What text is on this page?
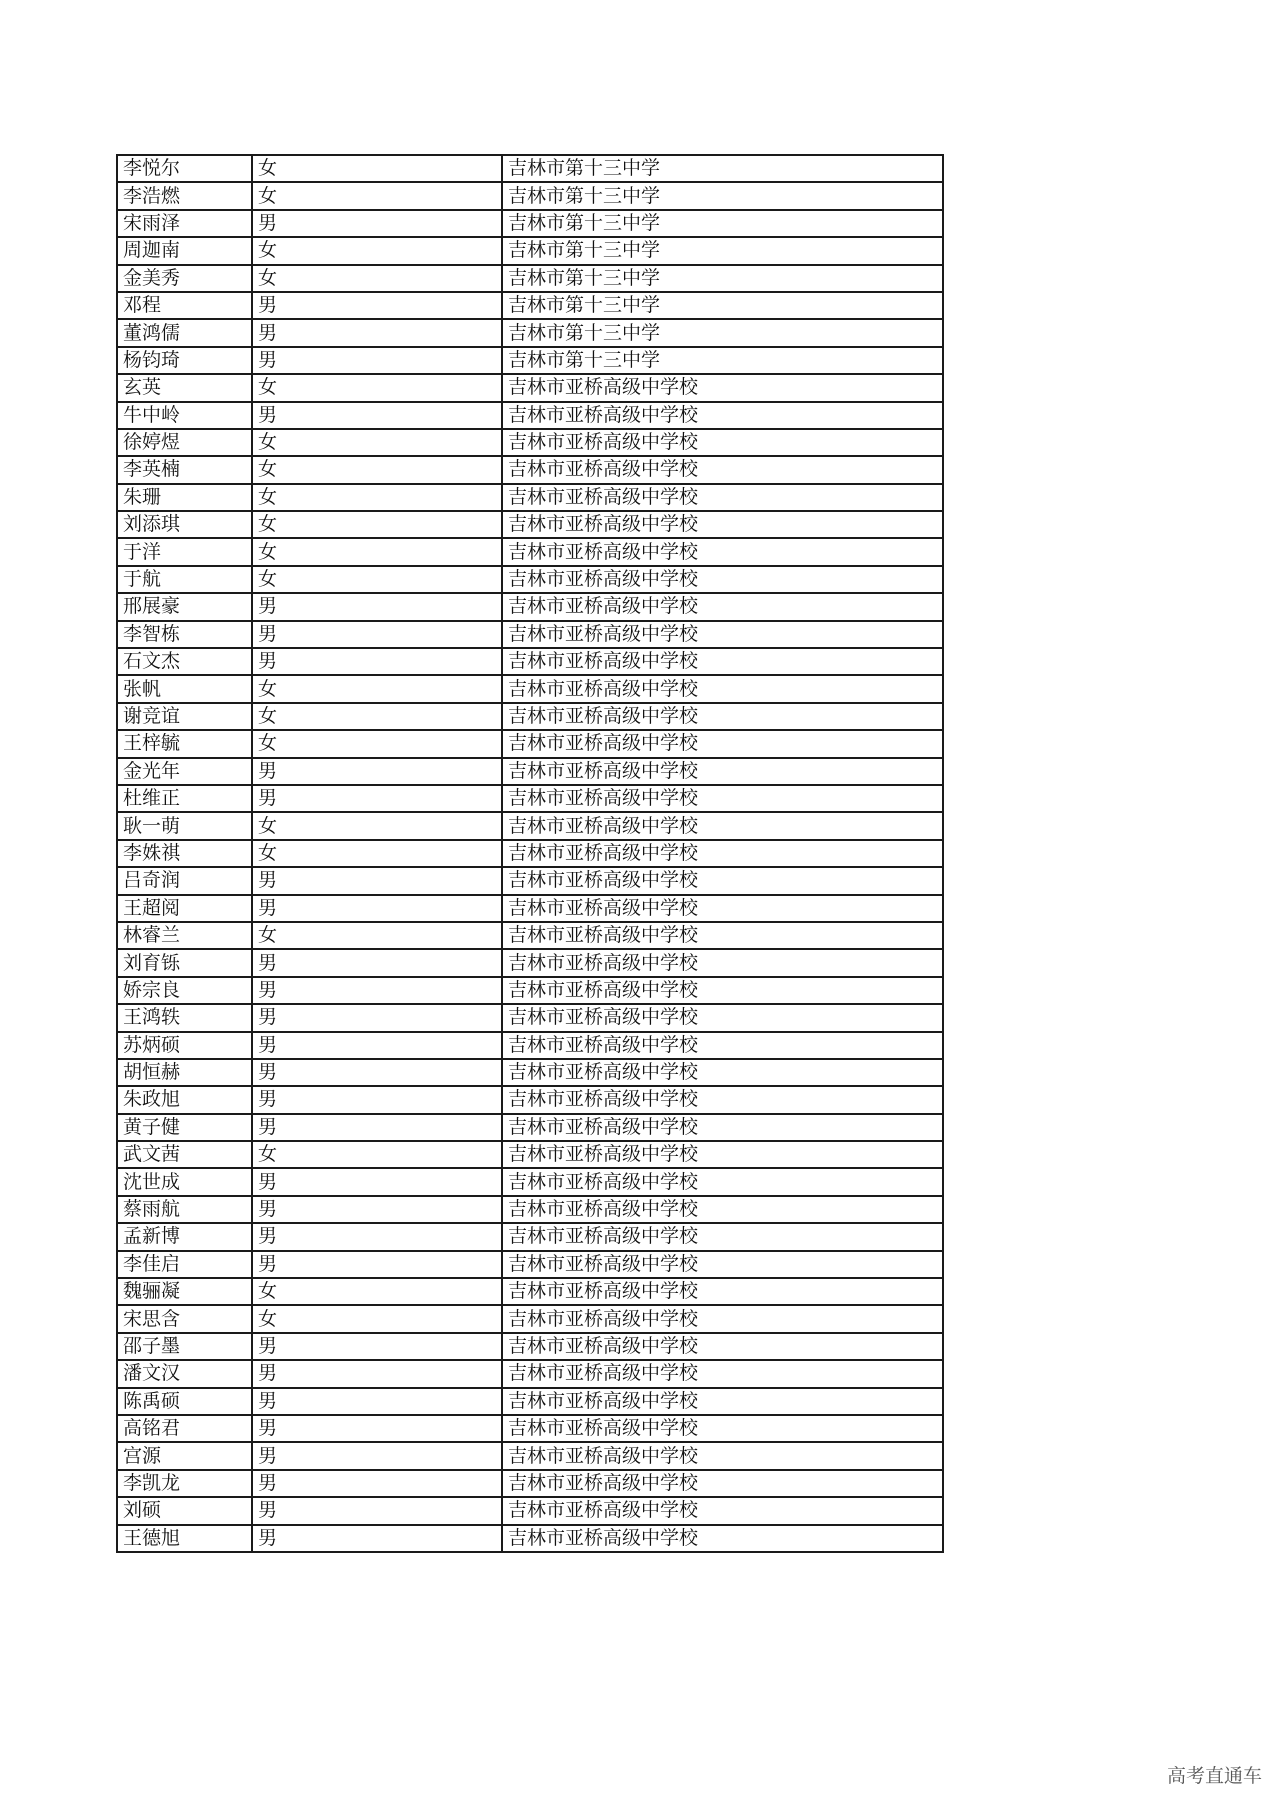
李悦尔	女	吉林市第十三中学
李浩燃	女	吉林市第十三中学
宋雨泽	男	吉林市第十三中学
周迦南	女	吉林市第十三中学
金美秀	女	吉林市第十三中学
邓程	男	吉林市第十三中学
董鸿儒	男	吉林市第十三中学
杨钧琦	男	吉林市第十三中学
玄英	女	吉林市亚桥高级中学校
牛中岭	男	吉林市亚桥高级中学校
徐婷煜	女	吉林市亚桥高级中学校
李英楠	女	吉林市亚桥高级中学校
朱珊	女	吉林市亚桥高级中学校
刘添琪	女	吉林市亚桥高级中学校
于洋	女	吉林市亚桥高级中学校
于航	女	吉林市亚桥高级中学校
邢展豪	男	吉林市亚桥高级中学校
李智栋	男	吉林市亚桥高级中学校
石文杰	男	吉林市亚桥高级中学校
张帆	女	吉林市亚桥高级中学校
谢竞谊	女	吉林市亚桥高级中学校
王梓毓	女	吉林市亚桥高级中学校
金光年	男	吉林市亚桥高级中学校
杜维正	男	吉林市亚桥高级中学校
耿一萌	女	吉林市亚桥高级中学校
李姝祺	女	吉林市亚桥高级中学校
吕奇润	男	吉林市亚桥高级中学校
王超阅	男	吉林市亚桥高级中学校
林睿兰	女	吉林市亚桥高级中学校
刘育铄	男	吉林市亚桥高级中学校
娇宗良	男	吉林市亚桥高级中学校
王鸿轶	男	吉林市亚桥高级中学校
苏炳硕	男	吉林市亚桥高级中学校
胡恒赫	男	吉林市亚桥高级中学校
朱政旭	男	吉林市亚桥高级中学校
黄子健	男	吉林市亚桥高级中学校
武文茜	女	吉林市亚桥高级中学校
沈世成	男	吉林市亚桥高级中学校
蔡雨航	男	吉林市亚桥高级中学校
孟新博	男	吉林市亚桥高级中学校
李佳启	男	吉林市亚桥高级中学校
魏骊凝	女	吉林市亚桥高级中学校
宋思含	女	吉林市亚桥高级中学校
邵子墨	男	吉林市亚桥高级中学校
潘文汉	男	吉林市亚桥高级中学校
陈禹硕	男	吉林市亚桥高级中学校
高铭君	男	吉林市亚桥高级中学校
宫源	男	吉林市亚桥高级中学校
李凯龙	男	吉林市亚桥高级中学校
刘硕	男	吉林市亚桥高级中学校
王德旭	男	吉林市亚桥高级中学校
高考直通车
